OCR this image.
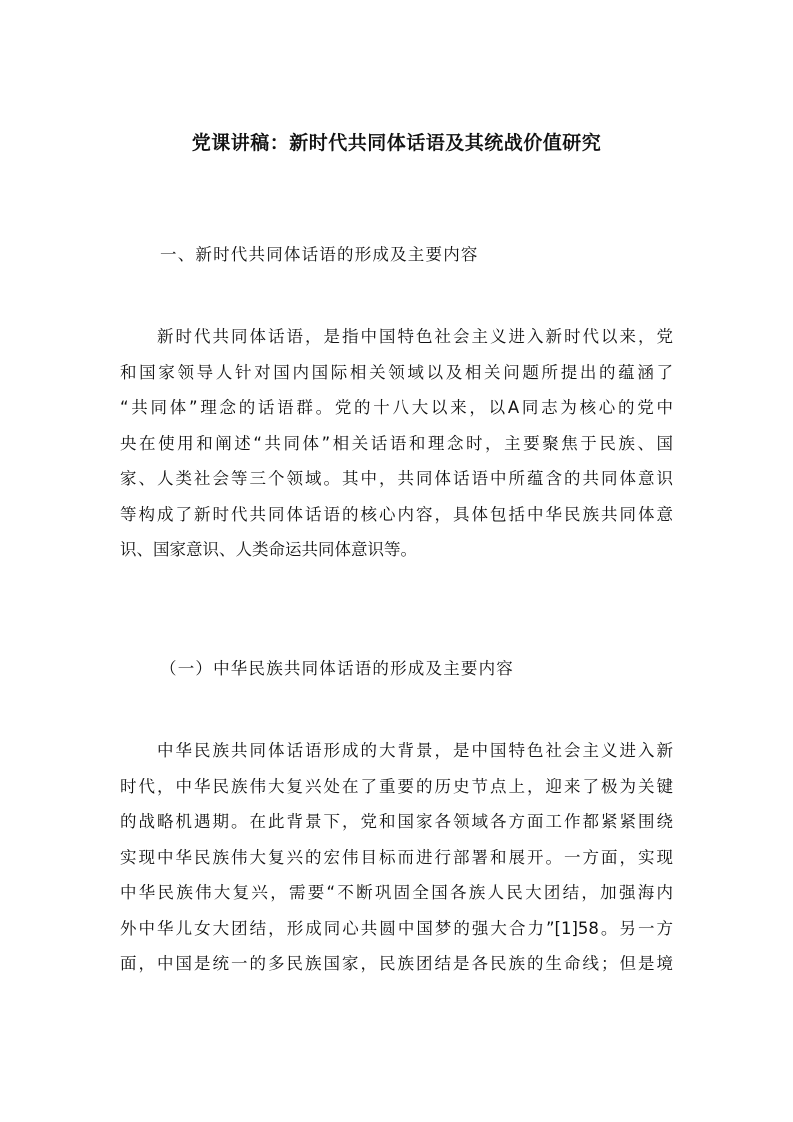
党课讲稿：新时代共同体话语及其统战价值研究
一、新时代共同体话语的形成及主要内容
新时代共同体话语，是指中国特色社会主义进入新时代以来，党
和国家领导人针对国内国际相关领域以及相关问题所提出的蕴涵了
“共同体”理念的话语群。党的十八大以来，以A同志为核心的党中
央在使用和阐述“共同体”相关话语和理念时，主要聚焦于民族、国
家、人类社会等三个领域。其中，共同体话语中所蕴含的共同体意识
等构成了新时代共同体话语的核心内容，具体包括中华民族共同体意
识、国家意识、人类命运共同体意识等。
（一）中华民族共同体话语的形成及主要内容
中华民族共同体话语形成的大背景，是中国特色社会主义进入新
时代，中华民族伟大复兴处在了重要的历史节点上，迎来了极为关键
的战略机遇期。在此背景下，党和国家各领域各方面工作都紧紧围绕
实现中华民族伟大复兴的宏伟目标而进行部署和展开。一方面，实现
中华民族伟大复兴，需要“不断巩固全国各族人民大团结，加强海内
外中华儿女大团结，形成同心共圆中国梦的强大合力”[1]58。另一方
面，中国是统一的多民族国家，民族团结是各民族的生命线；但是境
